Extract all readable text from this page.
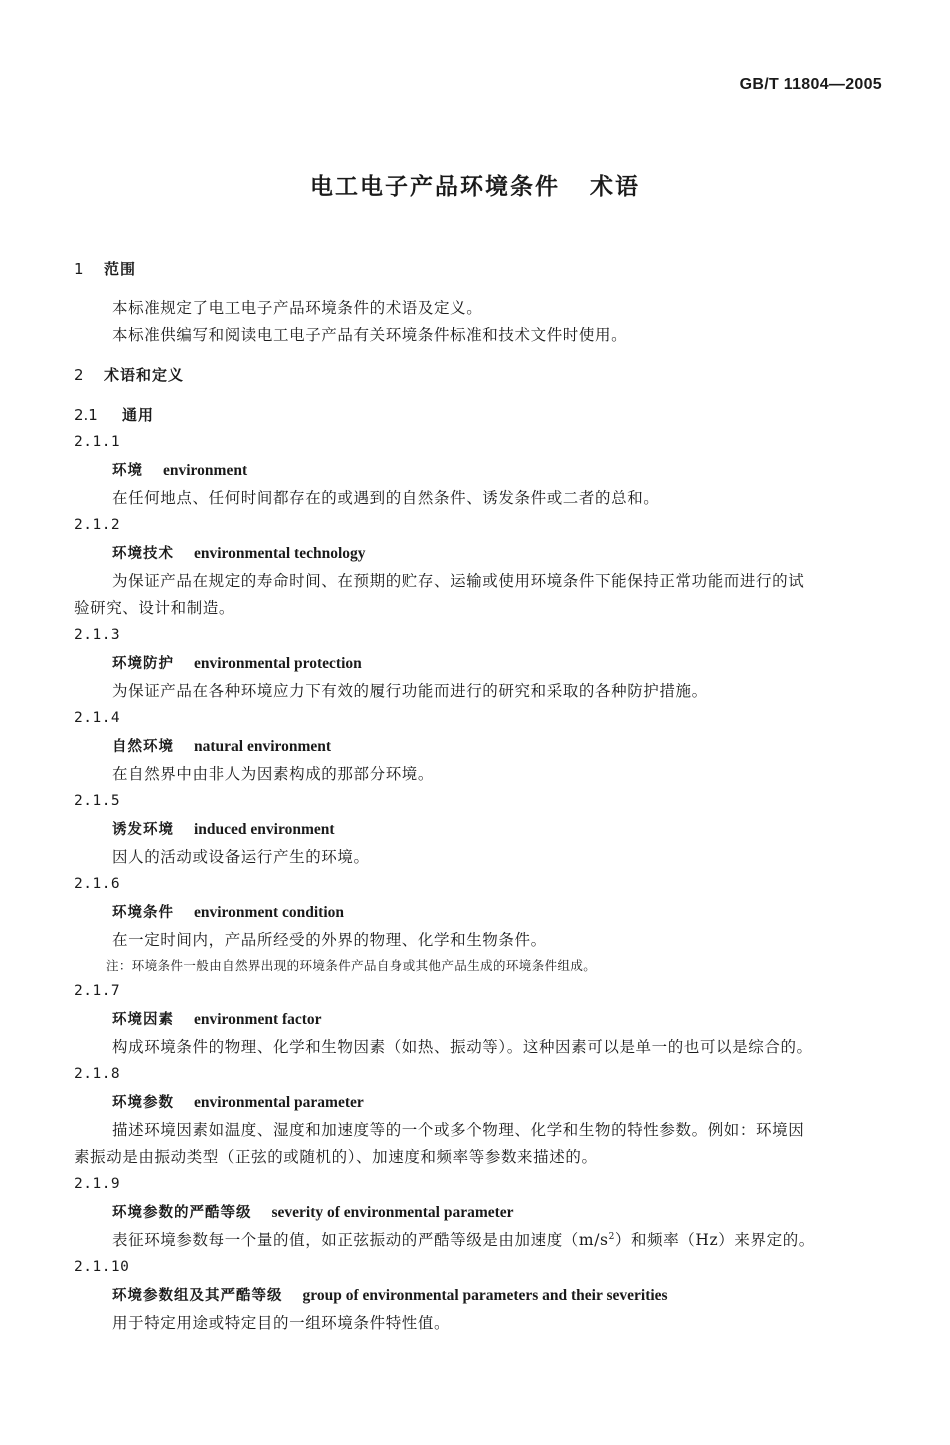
GB/T 11804—2005
电工电子产品环境条件 术语
1 范围
本标准规定了电工电子产品环境条件的术语及定义。
本标准供编写和阅读电工电子产品有关环境条件标准和技术文件时使用。
2 术语和定义
2.1 通用
2.1.1
环境 environment
在任何地点、任何时间都存在的或遇到的自然条件、诱发条件或二者的总和。
2.1.2
环境技术 environmental technology
为保证产品在规定的寿命时间、在预期的贮存、运输或使用环境条件下能保持正常功能而进行的试
验研究、设计和制造。
2.1.3
环境防护 environmental protection
为保证产品在各种环境应力下有效的履行功能而进行的研究和采取的各种防护措施。
2.1.4
自然环境 natural environment
在自然界中由非人为因素构成的那部分环境。
2.1.5
诱发环境 induced environment
因人的活动或设备运行产生的环境。
2.1.6
环境条件 environment condition
在一定时间内，产品所经受的外界的物理、化学和生物条件。
注：环境条件一般由自然界出现的环境条件产品自身或其他产品生成的环境条件组成。
2.1.7
环境因素 environment factor
构成环境条件的物理、化学和生物因素（如热、振动等）。这种因素可以是单一的也可以是综合的。
2.1.8
环境参数 environmental parameter
描述环境因素如温度、湿度和加速度等的一个或多个物理、化学和生物的特性参数。例如：环境因
素振动是由振动类型（正弦的或随机的）、加速度和频率等参数来描述的。
2.1.9
环境参数的严酷等级 severity of environmental parameter
表征环境参数每一个量的值，如正弦振动的严酷等级是由加速度$(m/s^2)$和频率（Hz）来界定的。
2.1.10
环境参数组及其严酷等级 group of environmental parameters and their severities
用于特定用途或特定目的一组环境条件特性值。
